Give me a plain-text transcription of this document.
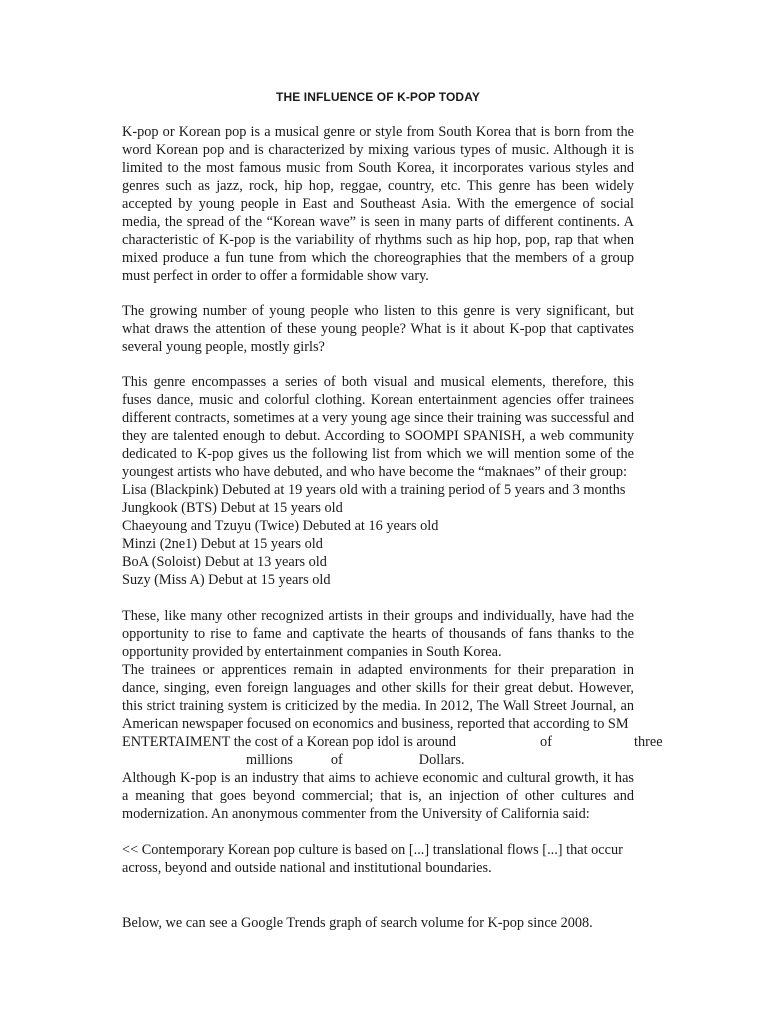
THE INFLUENCE OF K-POP TODAY

K-pop or Korean pop is a musical genre or style from South Korea that is born from the word Korean pop and is characterized by mixing various types of music. Although it is limited to the most famous music from South Korea, it incorporates various styles and genres such as jazz, rock, hip hop, reggae, country, etc. This genre has been widely accepted by young people in East and Southeast Asia. With the emergence of social media, the spread of the “Korean wave” is seen in many parts of different continents. A characteristic of K-pop is the variability of rhythms such as hip hop, pop, rap that when mixed produce a fun tune from which the choreographies that the members of a group must perfect in order to offer a formidable show vary.

The growing number of young people who listen to this genre is very significant, but what draws the attention of these young people? What is it about K-pop that captivates several young people, mostly girls?

This genre encompasses a series of both visual and musical elements, therefore, this fuses dance, music and colorful clothing. Korean entertainment agencies offer trainees different contracts, sometimes at a very young age since their training was successful and they are talented enough to debut. According to SOOMPI SPANISH, a web community dedicated to K-pop gives us the following list from which we will mention some of the youngest artists who have debuted, and who have become the “maknaes” of their group:

Lisa (Blackpink) Debuted at 19 years old with a training period of 5 years and 3 months

Jungkook (BTS) Debut at 15 years old

Chaeyoung and Tzuyu (Twice) Debuted at 16 years old

Minzi (2ne1) Debut at 15 years old

BoA (Soloist) Debut at 13 years old

Suzy (Miss A) Debut at 15 years old

These, like many other recognized artists in their groups and individually, have had the opportunity to rise to fame and captivate the hearts of thousands of fans thanks to the opportunity provided by entertainment companies in South Korea.

The trainees or apprentices remain in adapted environments for their preparation in dance, singing, even foreign languages and other skills for their great debut. However, this strict training system is criticized by the media. In 2012, The Wall Street Journal, an American newspaper focused on economics and business, reported that according to SM

ENTERTAIMENT the cost of a Korean pop idol is around	of	three

millions	of	Dollars.

Although K-pop is an industry that aims to achieve economic and cultural growth, it has a meaning that goes beyond commercial; that is, an injection of other cultures and modernization. An anonymous commenter from the University of California said:

<< Contemporary Korean pop culture is based on [...] translational flows [...] that occur across, beyond and outside national and institutional boundaries.

Below, we can see a Google Trends graph of search volume for K-pop since 2008.
